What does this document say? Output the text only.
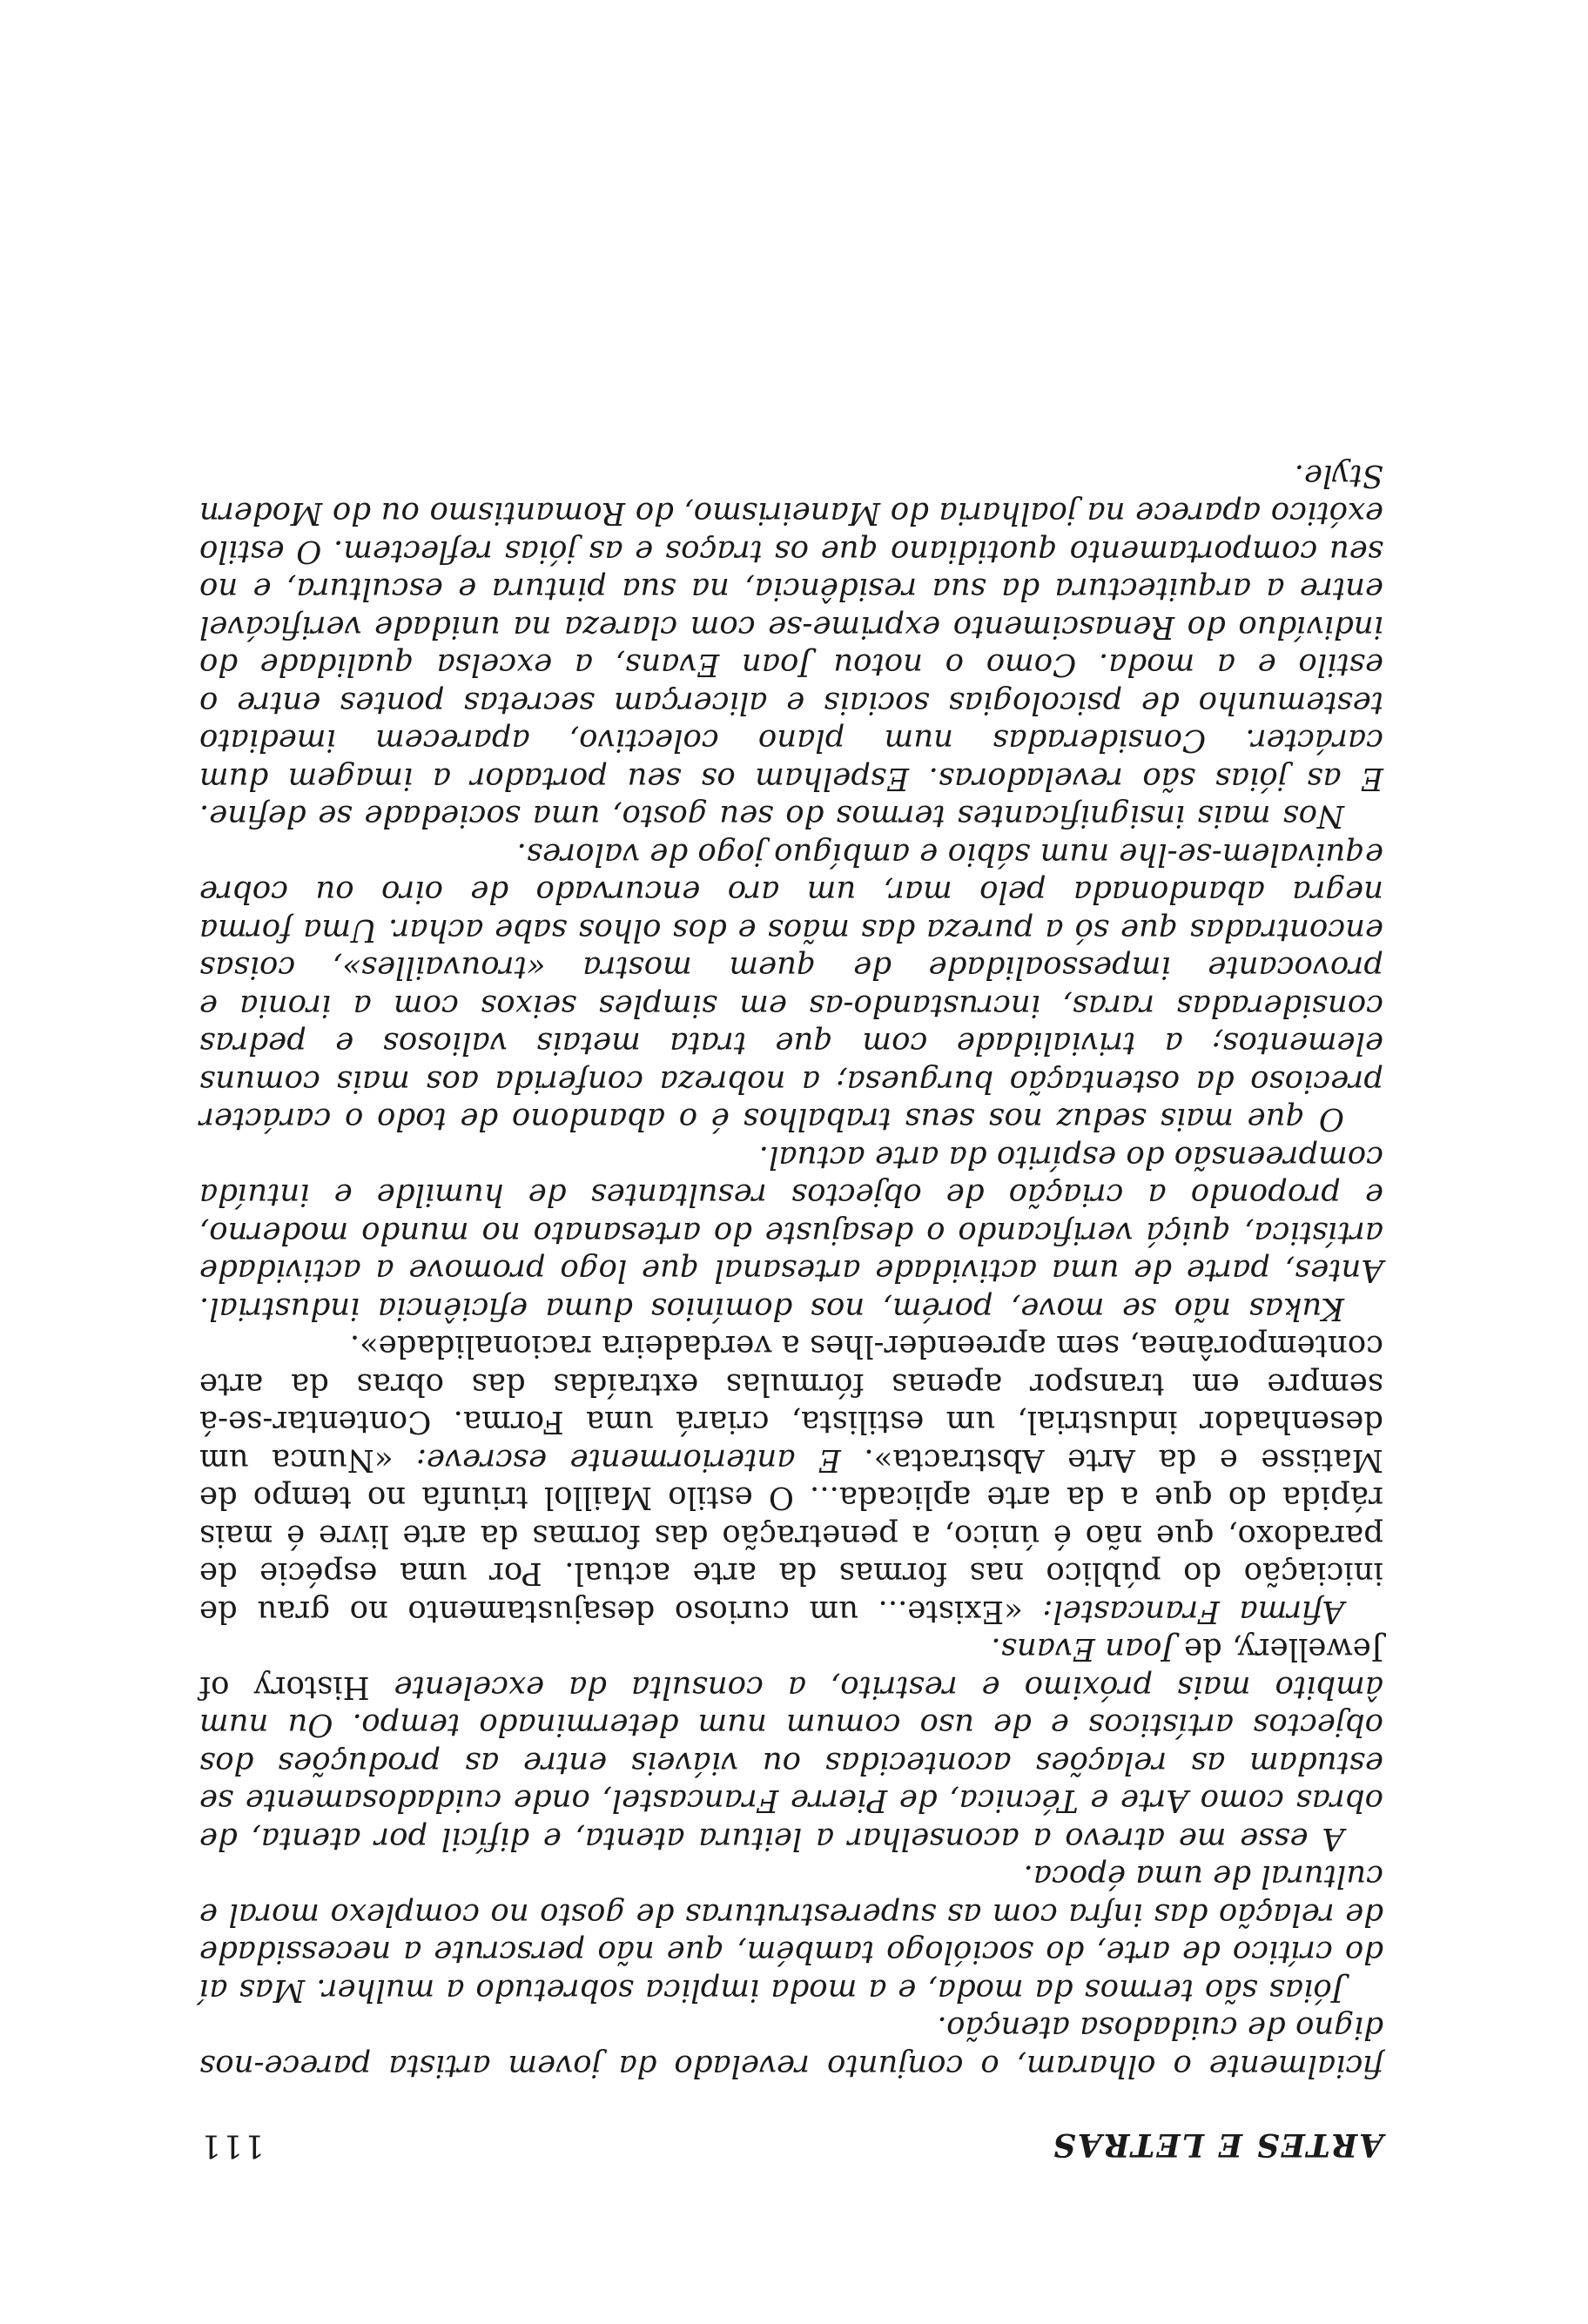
ARTES E LETRAS
111

ficialmente o olharam, o conjunto revelado da jovem artista parece-nos digno de cuidadosa atenção.

Jóias são termos da moda, e a moda implica sobretudo a mulher. Mas aí do crítico de arte, do sociólogo também, que não perscrute a necessidade de relação das infra com as superestruturas de gosto no complexo moral e cultural de uma época.

A esse me atrevo a aconselhar a leitura atenta, e difícil por atenta, de obras como Arte e Técnica, de Pierre Francastel, onde cuidadosamente se estudam as relações acontecidas ou viáveis entre as produções dos objectos artísticos e de uso comum num determinado tempo. Ou num âmbito mais próximo e restrito, a consulta da excelente History of Jewellery, de Joan Evans.

Afirma Francastel: «Existe... um curioso desajustamento no grau de iniciação do público nas formas da arte actual. Por uma espécie de paradoxo, que não é único, a penetração das formas da arte livre é mais rápida do que a da arte aplicada... O estilo Maillol triunfa no tempo de Matisse e da Arte Abstracta». E anteriormente escreve: «Nunca um desenhador industrial, um estilista, criará uma Forma. Contentar-se-á sempre em transpor apenas fórmulas extraídas das obras da arte contemporânea, sem apreender-lhes a verdadeira racionalidade».

Kukas não se move, porém, nos domínios duma eficiência industrial. Antes, parte de uma actividade artesanal que logo promove a actividade artística, quiçá verificando o desajuste do artesanato no mundo moderno, e propondo a criação de objectos resultantes de humilde e intuída compreensão do espírito da arte actual.

O que mais seduz nos seus trabalhos é o abandono de todo o carácter precioso da ostentação burguesa; a nobreza conferida aos mais comuns elementos; a trivialidade com que trata metais valiosos e pedras consideradas raras, incrustando-as em simples seixos com a ironia e provocante impessoalidade de quem mostra «trouvailles», coisas encontradas que só a pureza das mãos e dos olhos sabe achar. Uma forma negra abandonada pelo mar, um aro encurvado de oiro ou cobre equivalem-se-lhe num sábio e ambíguo jogo de valores.

Nos mais insignificantes termos do seu gosto, uma sociedade se define. E as jóias são reveladoras. Espelham os seu portador a imagem dum carácter. Consideradas num plano colectivo, aparecem imediato testemunho de psicologias sociais e alicerçam secretas pontes entre o estilo e a moda. Como o notou Joan Evans, a excelsa qualidade do indivíduo do Renascimento exprime-se com clareza na unidade verificável entre a arquitectura da sua residência, na sua pintura e escultura, e no seu comportamento quotidiano que os traços e as jóias reflectem. O estilo exótico aparece na joalharia do Maneirismo, do Romantismo ou do Modern Style.
